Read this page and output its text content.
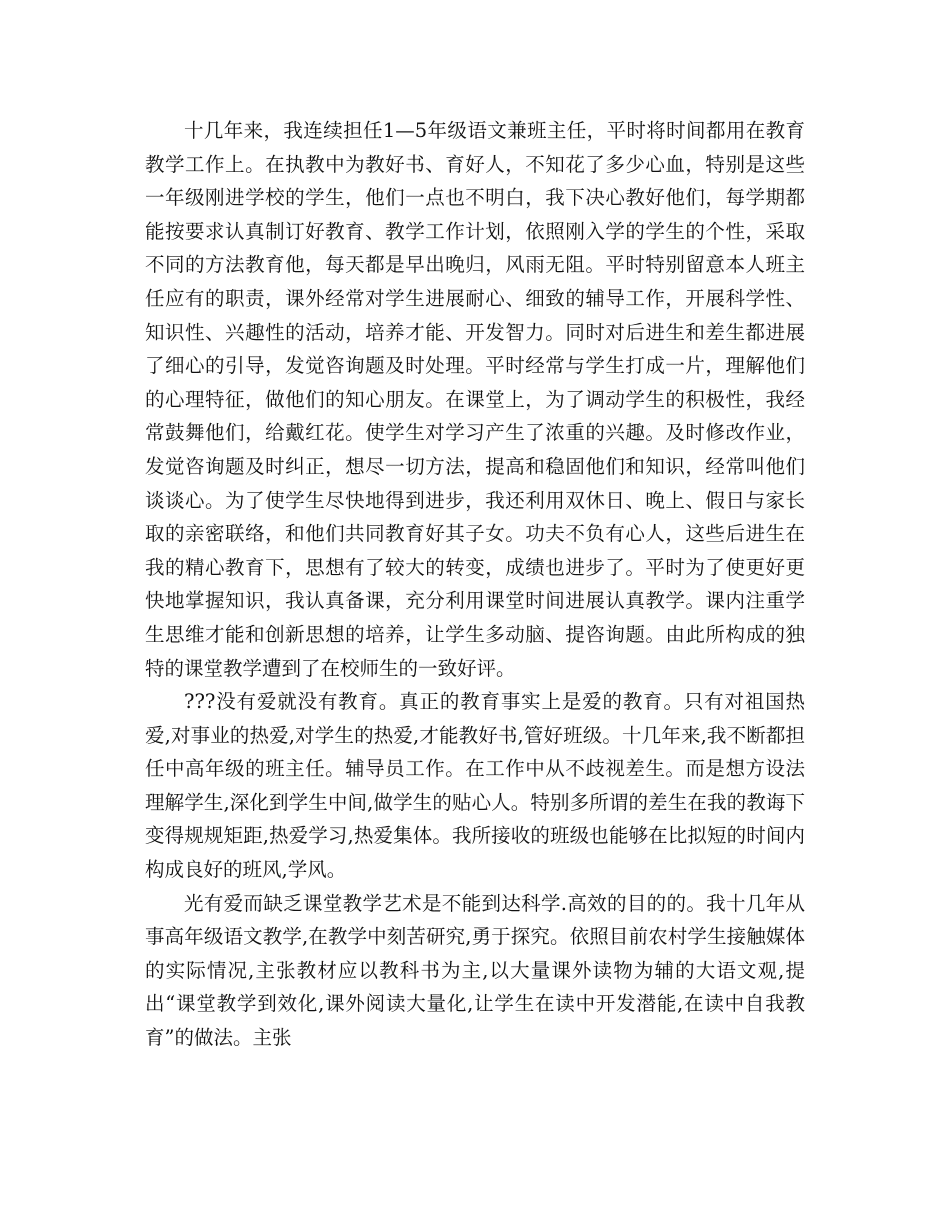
十几年来，我连续担任1—5年级语文兼班主任，平时将时间都用在教育教学工作上。在执教中为教好书、育好人，不知花了多少心血，特别是这些一年级刚进学校的学生，他们一点也不明白，我下决心教好他们，每学期都能按要求认真制订好教育、教学工作计划，依照刚入学的学生的个性，采取不同的方法教育他，每天都是早出晚归，风雨无阻。平时特别留意本人班主任应有的职责，课外经常对学生进展耐心、细致的辅导工作，开展科学性、知识性、兴趣性的活动，培养才能、开发智力。同时对后进生和差生都进展了细心的引导，发觉咨询题及时处理。平时经常与学生打成一片，理解他们的心理特征，做他们的知心朋友。在课堂上，为了调动学生的积极性，我经常鼓舞他们，给戴红花。使学生对学习产生了浓重的兴趣。及时修改作业，发觉咨询题及时纠正，想尽一切方法，提高和稳固他们和知识，经常叫他们谈谈心。为了使学生尽快地得到进步，我还利用双休日、晚上、假日与家长取的亲密联络，和他们共同教育好其子女。功夫不负有心人，这些后进生在我的精心教育下，思想有了较大的转变，成绩也进步了。平时为了使更好更快地掌握知识，我认真备课，充分利用课堂时间进展认真教学。课内注重学生思维才能和创新思想的培养，让学生多动脑、提咨询题。由此所构成的独特的课堂教学遭到了在校师生的一致好评。

???没有爱就没有教育。真正的教育事实上是爱的教育。只有对祖国热爱,对事业的热爱,对学生的热爱,才能教好书,管好班级。十几年来,我不断都担任中高年级的班主任。辅导员工作。在工作中从不歧视差生。而是想方设法理解学生,深化到学生中间,做学生的贴心人。特别多所谓的差生在我的教诲下变得规规矩距,热爱学习,热爱集体。我所接收的班级也能够在比拟短的时间内构成良好的班风,学风。

光有爱而缺乏课堂教学艺术是不能到达科学.高效的目的的。我十几年从事高年级语文教学,在教学中刻苦研究,勇于探究。依照目前农村学生接触媒体的实际情况,主张教材应以教科书为主,以大量课外读物为辅的大语文观,提出“课堂教学到效化,课外阅读大量化,让学生在读中开发潜能,在读中自我教育”的做法。主张
